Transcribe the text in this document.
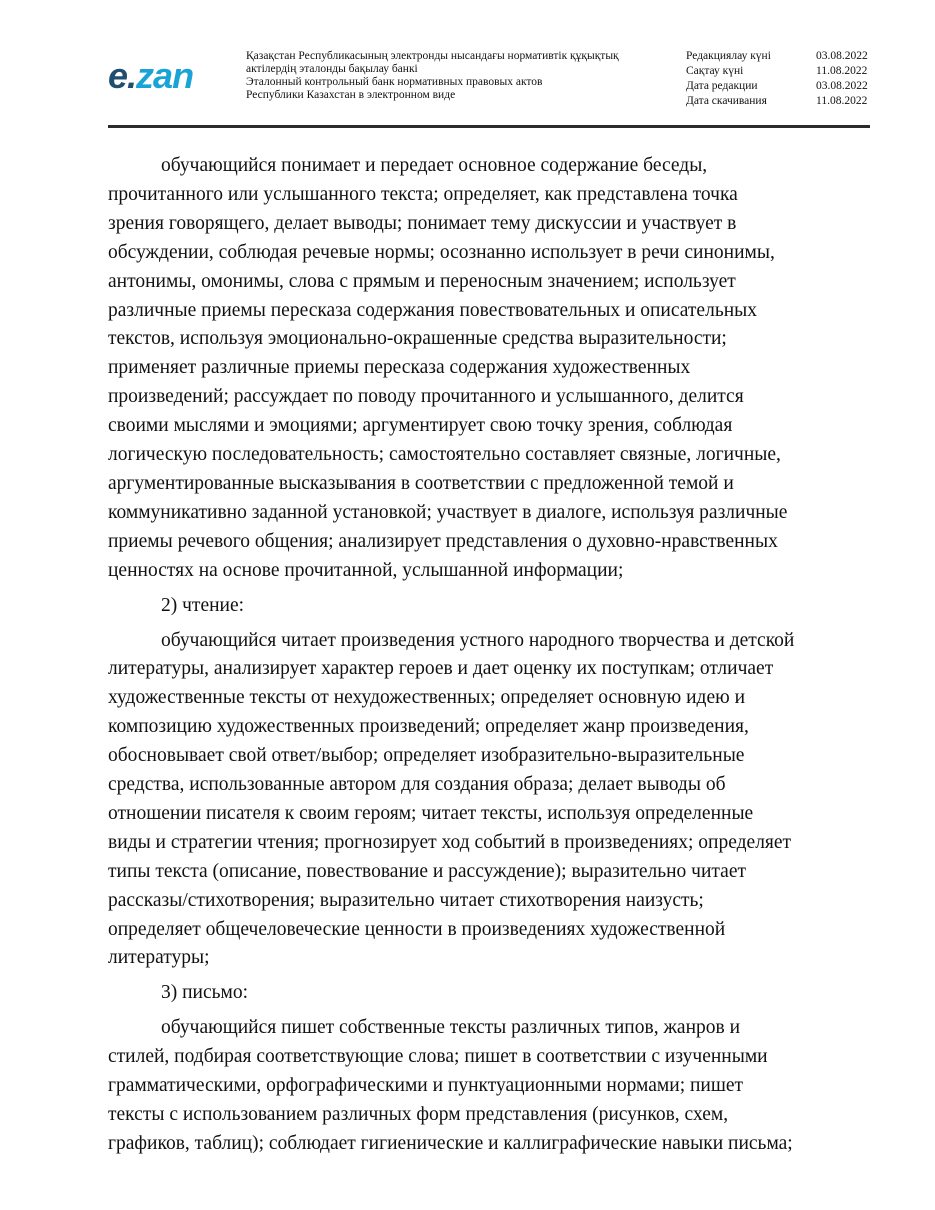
e.zan	Қазақстан Республикасының электронды нысандағы нормативтік құқықтық
актілердің эталонды бақылау банкі
Эталонный контрольный банк нормативных правовых актов
Республики Казахстан в электронном виде
Редакциялау күні	03.08.2022
Сақтау күні	11.08.2022
Дата редакции	03.08.2022
Дата скачивания	11.08.2022

обучающийся понимает и передает основное содержание беседы,
прочитанного или услышанного текста; определяет, как представлена точка
зрения говорящего, делает выводы; понимает тему дискуссии и участвует в
обсуждении, соблюдая речевые нормы; осознанно использует в речи синонимы,
антонимы, омонимы, слова с прямым и переносным значением; использует
различные приемы пересказа содержания повествовательных и описательных
текстов, используя эмоционально-окрашенные средства выразительности;
применяет различные приемы пересказа содержания художественных
произведений; рассуждает по поводу прочитанного и услышанного, делится
своими мыслями и эмоциями; аргументирует свою точку зрения, соблюдая
логическую последовательность; самостоятельно составляет связные, логичные,
аргументированные высказывания в соответствии с предложенной темой и
коммуникативно заданной установкой; участвует в диалоге, используя различные
приемы речевого общения; анализирует представления о духовно-нравственных
ценностях на основе прочитанной, услышанной информации;

2) чтение:

обучающийся читает произведения устного народного творчества и детской
литературы, анализирует характер героев и дает оценку их поступкам; отличает
художественные тексты от нехудожественных; определяет основную идею и
композицию художественных произведений; определяет жанр произведения,
обосновывает свой ответ/выбор; определяет изобразительно-выразительные
средства, использованные автором для создания образа; делает выводы об
отношении писателя к своим героям; читает тексты, используя определенные
виды и стратегии чтения; прогнозирует ход событий в произведениях; определяет
типы текста (описание, повествование и рассуждение); выразительно читает
рассказы/стихотворения; выразительно читает стихотворения наизусть;
определяет общечеловеческие ценности в произведениях художественной
литературы;

3) письмо:

обучающийся пишет собственные тексты различных типов, жанров и
стилей, подбирая соответствующие слова; пишет в соответствии с изученными
грамматическими, орфографическими и пунктуационными нормами; пишет
тексты с использованием различных форм представления (рисунков, схем,
графиков, таблиц); соблюдает гигиенические и каллиграфические навыки письма;
